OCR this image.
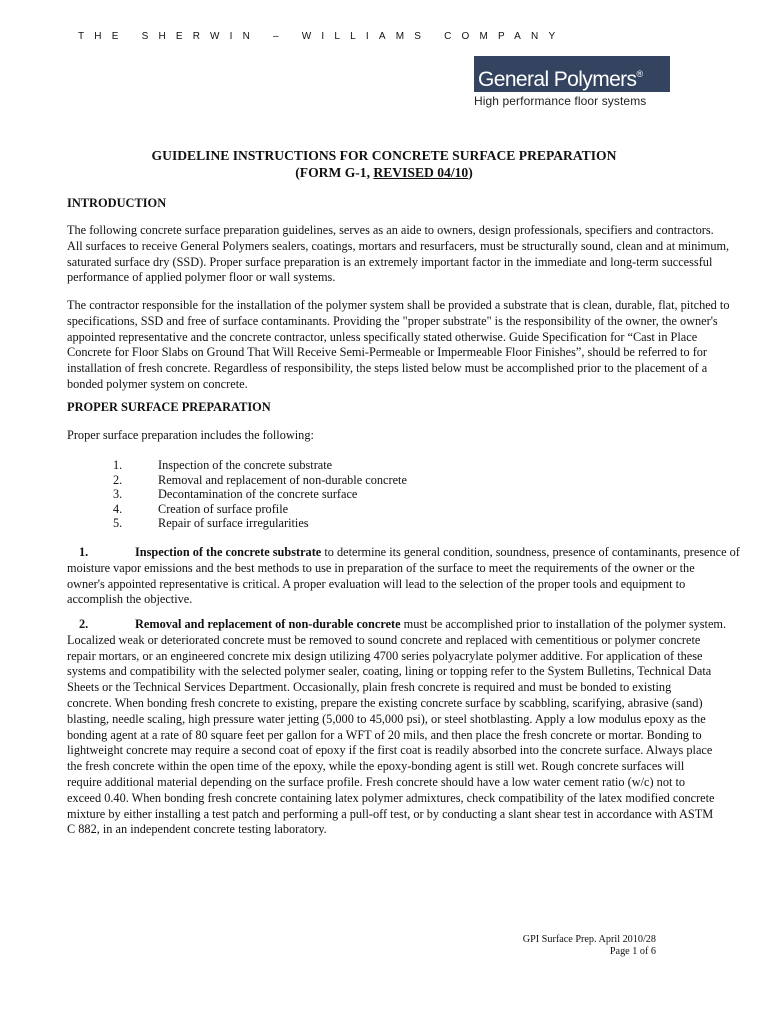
THE SHERWIN – WILLIAMS COMPANY
General Polymers®
High performance floor systems
GUIDELINE INSTRUCTIONS FOR CONCRETE SURFACE PREPARATION
(FORM G-1, REVISED 04/10)
INTRODUCTION
The following concrete surface preparation guidelines, serves as an aide to owners, design professionals, specifiers and contractors.
All surfaces to receive General Polymers sealers, coatings, mortars and resurfacers, must be structurally sound, clean and at minimum,
saturated surface dry (SSD). Proper surface preparation is an extremely important factor in the immediate and long-term successful
performance of applied polymer floor or wall systems.
The contractor responsible for the installation of the polymer system shall be provided a substrate that is clean, durable, flat, pitched to
specifications, SSD and free of surface contaminants. Providing the "proper substrate" is the responsibility of the owner, the owner's
appointed representative and the concrete contractor, unless specifically stated otherwise. Guide Specification for “Cast in Place
Concrete for Floor Slabs on Ground That Will Receive Semi-Permeable or Impermeable Floor Finishes”, should be referred to for
installation of fresh concrete. Regardless of responsibility, the steps listed below must be accomplished prior to the placement of a
bonded polymer system on concrete.
PROPER SURFACE PREPARATION
Proper surface preparation includes the following:
1.	Inspection of the concrete substrate
2.	Removal and replacement of non-durable concrete
3.	Decontamination of the concrete surface
4.	Creation of surface profile
5.	Repair of surface irregularities
1.	Inspection of the concrete substrate to determine its general condition, soundness, presence of contaminants, presence of
moisture vapor emissions and the best methods to use in preparation of the surface to meet the requirements of the owner or the
owner's appointed representative is critical. A proper evaluation will lead to the selection of the proper tools and equipment to
accomplish the objective.
2.	Removal and replacement of non-durable concrete must be accomplished prior to installation of the polymer system.
Localized weak or deteriorated concrete must be removed to sound concrete and replaced with cementitious or polymer concrete
repair mortars, or an engineered concrete mix design utilizing 4700 series polyacrylate polymer additive. For application of these
systems and compatibility with the selected polymer sealer, coating, lining or topping refer to the System Bulletins, Technical Data
Sheets or the Technical Services Department. Occasionally, plain fresh concrete is required and must be bonded to existing
concrete. When bonding fresh concrete to existing, prepare the existing concrete surface by scabbling, scarifying, abrasive (sand)
blasting, needle scaling, high pressure water jetting (5,000 to 45,000 psi), or steel shotblasting. Apply a low modulus epoxy as the
bonding agent at a rate of 80 square feet per gallon for a WFT of 20 mils, and then place the fresh concrete or mortar. Bonding to
lightweight concrete may require a second coat of epoxy if the first coat is readily absorbed into the concrete surface. Always place
the fresh concrete within the open time of the epoxy, while the epoxy-bonding agent is still wet. Rough concrete surfaces will
require additional material depending on the surface profile. Fresh concrete should have a low water cement ratio (w/c) not to
exceed 0.40. When bonding fresh concrete containing latex polymer admixtures, check compatibility of the latex modified concrete
mixture by either installing a test patch and performing a pull-off test, or by conducting a slant shear test in accordance with ASTM
C 882, in an independent concrete testing laboratory.
GPI Surface Prep. April 2010/28
Page 1 of 6
